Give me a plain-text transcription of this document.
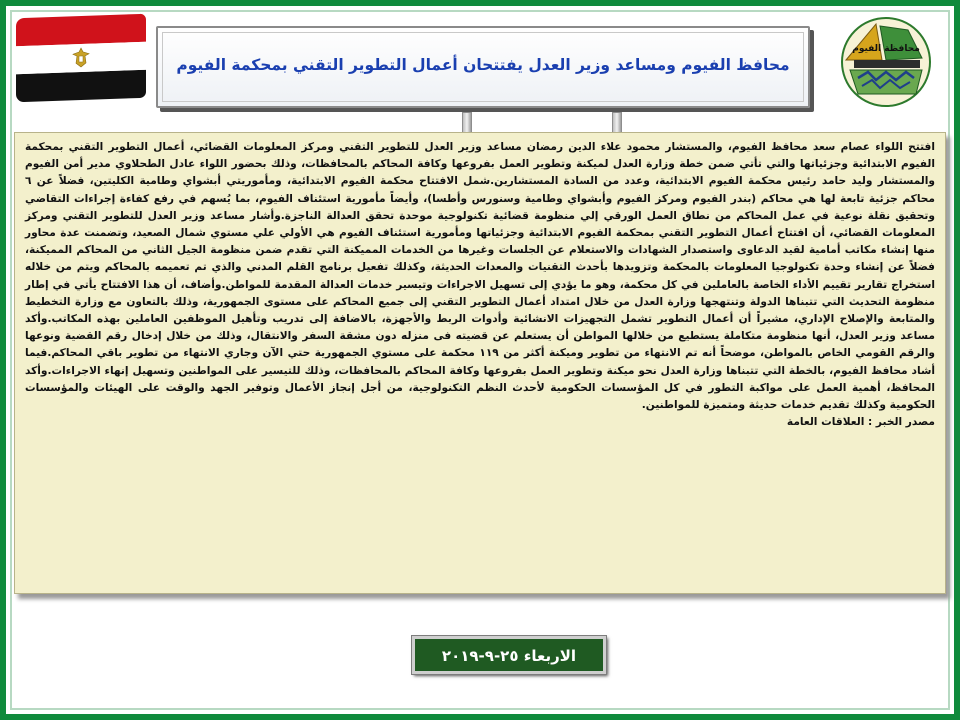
محافظ الفيوم ومساعد وزير العدل يفتتحان أعمال التطوير التقني بمحكمة الفيوم
محافظة الفيوم
افتتح اللواء عصام سعد محافظ الفيوم، والمستشار محمود علاء الدين رمضان مساعد وزير العدل للتطوير التقني ومركز المعلومات القضائي، أعمال التطوير التقني بمحكمة الفيوم الابتدائية وجزئياتها والتي تأتي ضمن خطة وزارة العدل لميكنة وتطوير العمل بفروعها وكافة المحاكم بالمحافظات، وذلك بحضور اللواء عادل الطحلاوي مدير أمن الفيوم والمستشار وليد حامد رئيس محكمة الفيوم الابتدائية، وعدد من السادة المستشارين.شمل الافتتاح محكمة الفيوم الابتدائية، ومأموريتي أبشواي وطامية الكليتين، فضلاً عن ٦ محاكم جزئية تابعة لها هي محاكم (بندر الفيوم ومركز الفيوم وأبشواي وطامية وسنورس وأطسا)، وأيضاً مأمورية استئناف الفيوم، بما يُسهم في رفع كفاءة إجراءات التقاضي وتحقيق نقلة نوعية في عمل المحاكم من نطاق العمل الورقي إلي منظومة قضائية تكنولوجية موحدة تحقق العدالة الناجزة.وأشار مساعد وزير العدل للتطوير التقني ومركز المعلومات القضائي، أن افتتاح أعمال التطوير التقني بمحكمة الفيوم الابتدائية وجزئياتها ومأمورية استئناف الفيوم هي الأولي علي مستوي شمال الصعيد، وتضمنت عدة محاور منها إنشاء مكاتب أمامية لقيد الدعاوى واستصدار الشهادات والاستعلام عن الجلسات وغيرها من الخدمات المميكنة التي تقدم ضمن منظومة الجيل الثاني من المحاكم المميكنة، فضلاً عن إنشاء وحدة تكنولوجيا المعلومات بالمحكمة وتزويدها بأحدث التقنيات والمعدات الحديثة، وكذلك تفعيل برنامج القلم المدني والذي تم تعميمه بالمحاكم ويتم من خلاله استخراج تقارير تقييم الأداء الخاصة بالعاملين في كل محكمة، وهو ما يؤدي إلى تسهيل الاجراءات وتيسير خدمات العدالة المقدمة للمواطن.وأضاف، أن هذا الافتتاح يأتي في إطار منظومة التحديث التي تتبناها الدولة وتنتهجها وزارة العدل من خلال امتداد أعمال التطوير التقني إلى جميع المحاكم على مستوى الجمهورية، وذلك بالتعاون مع وزارة التخطيط والمتابعة والإصلاح الإداري، مشيراً أن أعمال التطوير تشمل التجهيزات الانشائية وأدوات الربط والأجهزة، بالاضافة إلى تدريب وتأهيل الموظفين العاملين بهذه المكاتب.وأكد مساعد وزير العدل، أنها منظومة متكاملة يستطيع من خلالها المواطن أن يستعلم عن قضيته فى منزله دون مشقة السفر والانتقال، وذلك من خلال إدخال رقم القضية ونوعها والرقم القومي الخاص بالمواطن، موضحاً أنه تم الانتهاء من تطوير وميكنة أكثر من ١١٩ محكمة على مستوي الجمهورية حتي الآن وجاري الانتهاء من تطوير باقي المحاكم.فيما أشاد محافظ الفيوم، بالخطة التي تتبناها وزارة العدل نحو ميكنة وتطوير العمل بفروعها وكافة المحاكم بالمحافظات، وذلك للتيسير على المواطنين وتسهيل إنهاء الاجراءات.وأكد المحافظ، أهمية العمل على مواكبة التطور في كل المؤسسات الحكومية لأحدث النظم التكنولوجية، من أجل إنجاز الأعمال وتوفير الجهد والوقت على الهيئات والمؤسسات الحكومية وكذلك تقديم خدمات حديثة ومتميزة للمواطنين.
مصدر الخبر : العلاقات العامة
الاربعاء ٢٥-٩-٢٠١٩
